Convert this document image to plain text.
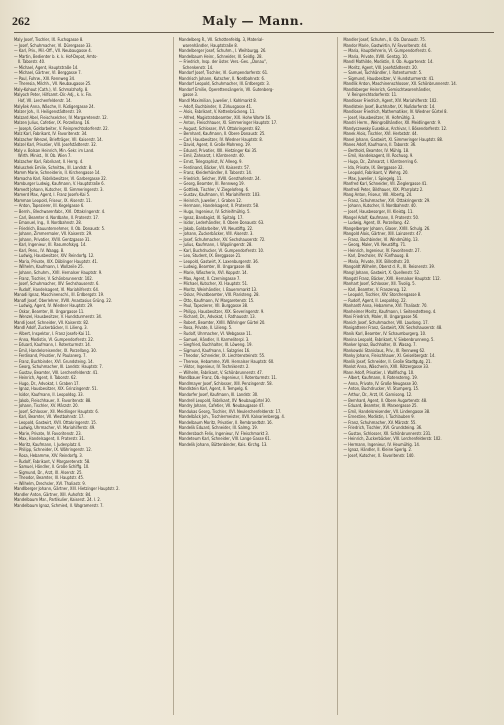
262	Maly — Mann.
Maly Josef, Tischler, IX. Fuchsgasse 8.
— Josef, Schuhmacher, VI. Dürergasse 33.
— Karl, Priv., Mil.-Off., VII. Neubaugasse 4.
— Martin, Bedienter b. k. k. Hof-Depot, Amts-
II. Taborstr. 40.
— Michael, Agent, Hauptstraße 14.
— Michael, Gärtner, VI. Berggasse 7.
— Paul, Fuhrw., XIII. Rennweg 34.
— Theresia, Milchh., VII. Neubaugasse 25.
Maly-Kohout (Cath.), VI. Schmalzhofg. 8.
Malyoch Peter, Hilfsamt.-Dir.-Adj., k. k. Fin.
Hof, VII. Lerchenfelderstr. 14.
Malyšek Anna, Wäsche, II. Rüdigergasse 24.
Malzer Joh., II. Heiligenstädterstr. 19.
Malzard Abel, Fleischselcher, IV. Margaretenstr. 12.
Malzen Julius, Cafetier, IX. Porzellang. 16.
— Joseph, Goldarbeiter, V. Reinprechtsdorferstr. 22.
Malz Karl, Fabrikant, IV. Favoritenstr. 34.
Malzacher Wenzel, Briefträger, VII. Kaiserstr. 14.
Malzel Karl, Privatier, VIII. Josefstädterstr. 32.
Maly v. Bolsan Heinrich, Min.-Sekr. im Land.
Wirth. Minist., IV. Ob. Wien 7.
Malzacher Karl, Fabrikant, II. Herrg. 4.
Maluschek Emilie, Schnittw., III. Landstr. 8.
Mamm Marie, Schneiderin, II. Kirchengasse 14.
Mamacha Karl, Fabrikbesitzer, VI. Garbergasse 22.
Mamburger Ludwig, Kaufmann, V. Hauptstraße 6.
Mamedt Johann, Kutscher, XI. Simmeringerstr. 3.
Mamerd Max, Agent, I. Franz Josefs-Kai 5.
Mamman Leopold, Friseur, IX. Alserstr. 11.
— Anton, Tapezierer, III. Kegelgasse 6.
— Bernh., Blechwarenfabr., XVI. Ottakringerstr. 4.
— Carl, Beamter d. Nordbahn, II. Praterstr. 17.
— Emanuel, Ing., II. Nordbahnstr. 28.
— Friedrich, Bauunternehmer, II. Ob. Donaustr. 5.
— Johann, Zimmermaler, VII. Kaiserstr. 29.
— Johann, Privatier, XVIII. Gentzgasse 31.
— Karl, Ingenieur, III. Rasumofskyg. 14.
— Karl, Pens., IV. Waagg. 8.
— Ludwig, Hausbesitzer, XIV. Reindorfg. 12.
— Maria, Private, XIX. Döblinger Hauptstr. 41.
— Wilhelm, Kaufmann, I. Wollzeile 25.
— Johann, Schuhm., XVII. Hernalser Hauptstr. 9.
— Franz, Tischler, V. Schönbrunnerstr. 102.
— Josef, Schuhmacher, XIV. Sechshauserstr. 6.
— Rudolf, Handelsagent, VI. Mariahilferstr. 64.
Manadi Ignaz, Maschinenschl., III. Erdbergstr. 19.
Manafi Josef, Oberlehrer, XVIII. Anastasius Grüng. 22.
— Ludwig, Agent, IV. Wiedner Hauptstr. 29.
— Oskar, Beamter, III. Ungargasse 11.
— Wenzel, Hausbesitzer, V. Hundsturmerstr. 34.
Mandi Josef, Schneider, VII. Kaiserstr. 82.
Mandl Adolf, Zuckerbäcker, II. Lilieng. 3.
— Albert, Inspektor, I. Franz Josefs-Kai 11.
— Anna, Modistin, VI. Gumpendorferstr. 22.
— Eduard, Kaufmann, I. Rotenturmstr. 14.
— Emil, Handelsreisender, IX. Porzellang. 30.
— Ferdinand, Privatier, IV. Paulanerg. 7.
— Franz, Buchbinder, XVI. Grundsteing. 14.
— Georg, Schuhmacher, III. Landstr. Hauptstr. 7.
— Gustav, Beamter, VIII. Lerchenfelderstr. 41.
— Heinrich, Agent, II. Taborstr. 62.
— Hugo, Dr., Advokat, I. Graben 17.
— Ignaz, Hausbesitzer, XIX. Grinzingerstr. 51.
— Isidor, Kaufmann, II. Leopoldsg. 33.
— Jakob, Fleischhauer, X. Favoritenstr. 88.
— Johann, Tischler, XV. Märzstr. 20.
— Josef, Schlosser, XII. Meidlinger Hauptstr. 6.
— Karl, Beamter, VII. Westbahnstr. 17.
— Leopold, Gastwirt, XVII. Ottakringerstr. 15.
— Ludwig, Uhrmacher, VI. Mariahilferstr. 49.
— Marie, Private, IV. Favoritenstr. 23.
— Max, Handelsagent, II. Praterstr. 31.
— Moritz, Kaufmann, I. Judenplatz 4.
— Philipp, Schneider, IX. Währingerstr. 12.
— Rosa, Hebamme, XIV. Reindorfg. 3.
— Rudolf, Fabrikant, V. Margaretenstr. 58.
— Samuel, Händler, II. Große Schiffg. 10.
— Sigmund, Dr., Arzt, IX. Alserstr. 25.
— Theodor, Beamter, III. Hauptstr. 45.
— Wilhelm, Drechsler, XVI. Thaliastr. 9.
Mandlberger Johann, Gärtner, XIII. Hietzinger Hauptstr. 2.
Mandler Anton, Gärtner, XIII. Auhofstr. 84.
Mandelbaum Mar., Partikulier, Kaiserst. 24. I. 2.
Mandelbaum Ignaz, Schmied, II. Wagramerstr. 7.
Mandelberg R., VII. Schottenfeldg. 3, Material-
warenhändler, Hauptstraße 8.
Mandelberger Josef, Schuhm., I. Weihburgg. 26.
Mandelbaum Heinr., Schneider, III. Seidlg. 28.
— Friedrich, Insp. der öster. Vers.-Ges. „Donau“,
Schenkenstr. 14.
Mandorf Josef, Tischler, VI. Gumpendorferstr. 61.
Mandrisch Johann, Kutscher, II. Nordbahnstr. 6.
Mandorf Leopold, Schuhmacher, III. Erdbergstr. 3.
Mandorf Emilie, Operettensängerin, VII. Gutenberg-
gasse 3.
Mandl Maximilian, Juwelier, I. Kohlmarkt 8.
— Adolf, Buchbinder, II. Zirkusgasse 41.
— Alois, Fabrikant, V. Kettenbrückeng. 11.
— Alfred, Magistratsbeamter, XIX. Hohe Warte 16.
— Anton, Fleischhauer, XI. Simmeringer Hauptstr. 17.
— August, Schlosser, XVI. Ottakringerstr. 82.
— Bernhard, Kaufmann, II. Obere Donaustr. 25.
— Carl, Hausbesitzer, IV. Wiedner Hauptstr. 8.
— David, Agent, II. Große Mohreng. 19.
— Eduard, Privatier, XIII. Hietzinger Kai 35.
— Emil, Zahnarzt, I. Kärntnerstr. 40.
— Ernst, Telegraphist, IV. Alleeg. 9.
— Ferdinand, Bäcker, VII. Kaiserstr. 57.
— Franz, Kleiderhändler, II. Taborstr. 14.
— Friedrich, Selcher, XVIII. Gersthoferstr. 24.
— Georg, Beamter, III. Rennweg 19.
— Gottlieb, Tischler, V. Ziegelofeng. 6.
— Gustav, Kaufmann, VI. Mariahilferstr. 103.
— Heinrich, Juwelier, I. Graben 12.
— Hermann, Handelsagent, II. Praterstr. 58.
— Hugo, Ingenieur, IV. Schleifmühlg. 5.
— Ignaz, Bandagist, IX. Spitalg. 17.
— Isidor, Lederhändler, II. Obere Donaustr. 63.
— Jakob, Goldarbeiter, VII. Neustiftg. 22.
— Johann, Zuckerbäcker, VIII. Alserstr. 3.
— Josef, Schuhmacher, XV. Sechshauserstr. 72.
— Julius, Kaufmann, I. Wipplingerstr. 28.
— Karl, Buchdrucker, VI. Gumpendorferstr. 10.
— Leo, Student, IX. Berggasse 21.
— Leopold, Gastwirt, X. Laxenburgerstr. 36.
— Ludwig, Beamter, III. Ungargasse 48.
— Marie, Wäscherin, XVI. Koppstr. 14.
— Max, Agent, II. Czerningasse 7.
— Michael, Kutscher, XI. Hauptstr. 51.
— Moritz, Weinhändler, I. Bauernmarkt 13.
— Oskar, Privatbeamter, VIII. Piaristeng. 28.
— Otto, Kaufmann, IV. Margaretenstr. 15.
— Paul, Tapezierer, VII. Burggasse 38.
— Philipp, Hausbesitzer, XIX. Sieveringerstr. 9.
— Richard, Dr., Advokat, I. Rathausstr. 13.
— Robert, Beamter, XVIII. Währinger Gürtel 20.
— Rosa, Private, II. Lilieng. 5.
— Rudolf, Uhrmacher, VI. Webgasse 11.
— Samuel, Händler, II. Karmeliterpl. 3.
— Siegfried, Buchhalter, III. Löweng. 19.
— Sigmund, Kaufmann, I. Salzgries 16.
— Theodor, Schneider, IX. Liechtensteinstr. 55.
— Therese, Hebamme, XVII. Hernalser Hauptstr. 60.
— Viktor, Ingenieur, IV. Technikerstr. 2.
— Wilhelm, Fabrikant, V. Schönbrunnerstr. 47.
Mandlbauer Franz, Ob.-Ingenieur, I. Rotenturmstr. 11.
Mandlmayer Josef, Schlosser, XIII. Penzingerstr. 58.
Mandlstein Karl, Agent, II. Tempelg. 6.
Mandorfer Josef, Kaufmann, III. Landstr. 30.
Mandrell Leopold, Fabrikant, XV. Neubaugürtel 30.
Mandry Johann, Cafetier, VII. Neubaugasse 47.
Mandukas Georg, Tischler, XVI. Neulerchenfelderstr. 17.
Mandelbäck Joh., Tischlermeister, XVII. Kalvarienbergg. 4.
Mandelbaum Moritz, Privatier, II. Rembrandtstr. 16.
Mandelik Eduard, Schneider, III. Salmg. 19.
Mandersbach Felix, Ingenieur, IV. Fleischmarkt 3.
Mandeteum Karl, Schneider, VIII. Lange Gasse 61.
Mandelik Johann, Büttenbinder, Kais. Kirchg. 13.
Mandler Josef, Schuhm., II. Ob. Donaustr. 75.
Mandor Marie, Gastwirtin, IV. Favoritenstr. 44.
— Maria, Hauptlehrerin, VI. Gumpendorferstr. 6.
— Maria, Private, XVIII. Gentzg. 10.
Mandl Mathilde, Modistin, II. Ob. Augartenstr. 14.
— Moritz, Agent, VIII. Josefstädterstr. 20.
— Samuel, Tuchhändler, I. Rotenturmstr. 5.
— Sigmund, Hausbesitzer, V. Hundsturmerstr. 41.
Mandlik Anton, Maschinenschlosser, XII. Schönbrunnerstr. 14.
Mandlsberger Heinrich, Gemischtwarenhändler,
V. Reinprechtsdorferstr. 11.
Mandloser Friedrich, Agent, XIV. Mariahilferstr. 102.
Mandlstein Josef, Buchhalter, IX. Nußdorferstr. 14.
Mandloser Friedrich, Mathematiker, IV. Wiedner Gürtel 8.
— Josef, Hausbesitzer, VI. Hofmühlg. 3.
Mandri Herm., Weingroßhändler, XII. Meidlingerstr. 9.
Mandyczewsky Eusebius, Archivar, I. Bösendorferstr. 12.
Manek Alois, Tischler, XVI. Herbststr. 44.
Manel Johann, Gastwirt, XI. Simmeringer Hauptstr. 88.
Manes Adolf, Kaufmann, II. Taborstr. 36.
— Berthold, Beamter, IV. Mühlg. 18.
— Emil, Handelsagent, III. Rochusg. 9.
— Hugo, Dr., Zahnarzt, I. Kärntnerring 6.
— Ida, Private, IX. Berggasse 32.
— Leopold, Fabrikant, V. Wehrg. 20.
— Max, Juwelier, I. Spiegelg. 11.
Manfred Karl, Schneider, VII. Zieglergasse 41.
Manfredi Peter, Bildhauer, XIX. Pfarrplatz 2.
Mang Anton, Friseur, VIII. Albertg. 24.
— Franz, Schuhmacher, XVI. Ottakringerstr. 29.
— Johann, Kutscher, II. Nordbahnstr. 40.
— Josef, Hausbesorger, III. Kleistg. 11.
Mangel Adolf, Kaufmann, II. Praterstr. 50.
— Ludwig, Agent, IX. Porzellang. 42.
Mangelberger Johann, Glaser, XVIII. Schulg. 26.
Mangold Alois, Gärtner, XIII. Lainzerstr. 47.
— Franz, Buchbinder, VI. Windmühlg. 13.
— Georg, Maler, VII. Neustiftg. 71.
— Heinrich, Ingenieur, IV. Favoritenstr. 27.
— Karl, Drechsler, XV. Fünfhausg. 8.
— Maria, Private, XIX. Billrothstr. 20.
Mangoldt Wilhelm, Oberst d. R., III. Reisnerstr. 39.
Mangl Johann, Gastwirt, X. Quellenstr. 52.
Mangstl Franz, Bäcker, XVII. Hernalser Hauptstr. 112.
Manhart Josef, Schlosser, XII. Tivolig. 5.
— Karl, Beamter, V. Franzensg. 12.
— Leopold, Tischler, XIV. Storchengasse 8.
— Rudolf, Agent, II. Leopoldsg. 22.
Manhardt Anna, Hebamme, XVI. Thaliastr. 70.
Manheimer Moritz, Kaufmann, I. Seitenstetteng. 4.
Mani Friedrich, Maler, III. Ungargasse 56.
Manich Josef, Schuhmacher, VIII. Laudong. 17.
Manigatterer Franz, Gastwirt, XIV. Sechshauserstr. 48.
Manik Karl, Beamter, IV. Schaumburgerg. 10.
Manina Leopold, Fabrikant, V. Siebenbrunneng. 5.
Manker Ignaz, Buchhalter, IX. Wasag. 7.
Mankowski Stanislaus, Priv., III. Rennweg 62.
Manky Johann, Fleischhauer, XI. Geiselbergstr. 14.
Manlik Josef, Schneider, II. Große Stadtgutg. 21.
Manlot Anna, Wäscherin, XVII. Rötzergasse 33.
Mann Adolf, Privatier, I. Wallfischg. 10.
— Albert, Kaufmann, II. Rotensterng. 19.
— Anna, Private, IV. Große Neugasse 30.
— Anton, Buchdrucker, VI. Stumperg. 15.
— Arthur, Dr., Arzt, IX. Garnisong. 12.
— Bernhard, Agent, II. Obere Augartenstr. 48.
— Eduard, Beamter, III. Marxergasse 25.
— Emil, Handelsreisender, VII. Lindengasse 38.
— Ernestine, Modistin, I. Tuchlauben 9.
— Franz, Schuhmacher, XV. Märzstr. 55.
— Friedrich, Tischler, XVI. Grundsteing. 36.
— Gustav, Schlosser, XII. Schönbrunnerstr. 231.
— Heinrich, Zuckerbäcker, VIII. Lerchenfelderstr. 102.
— Hermann, Ingenieur, IV. Heumühlg. 14.
— Ignaz, Händler, II. Kleine Sperlg. 2.
— Josef, Kutscher, X. Favoritenstr. 140.
